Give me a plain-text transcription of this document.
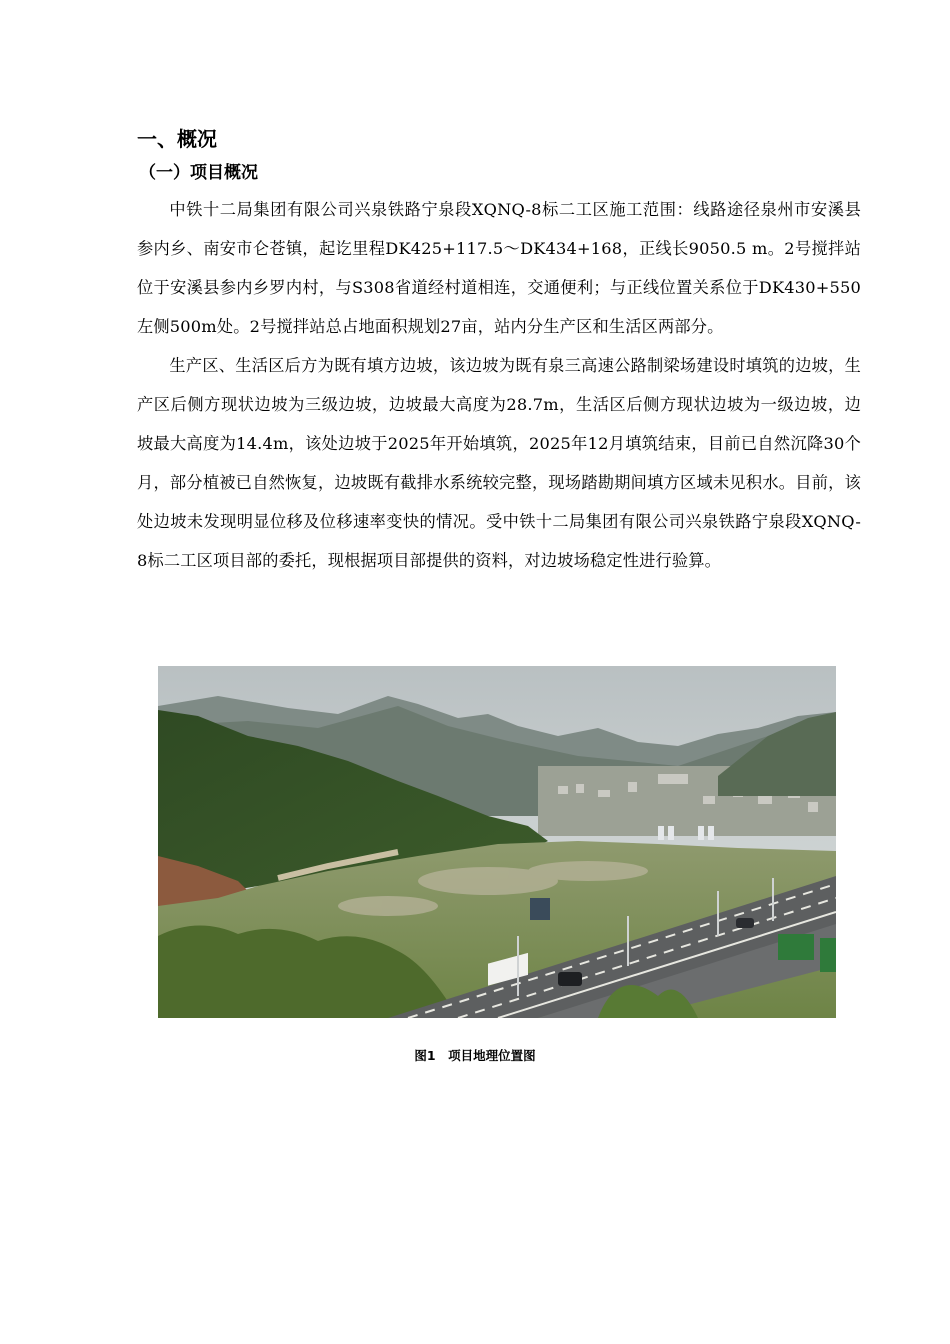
一、概况
（一）项目概况

中铁十二局集团有限公司兴泉铁路宁泉段XQNQ-8标二工区施工范围：线路途径泉州市安溪县参内乡、南安市仑苍镇，起讫里程DK425+117.5～DK434+168，正线长9050.5 m。2号搅拌站位于安溪县参内乡罗内村，与S308省道经村道相连，交通便利；与正线位置关系位于DK430+550左侧500m处。2号搅拌站总占地面积规划27亩，站内分生产区和生活区两部分。

生产区、生活区后方为既有填方边坡，该边坡为既有泉三高速公路制梁场建设时填筑的边坡，生产区后侧方现状边坡为三级边坡，边坡最大高度为28.7m，生活区后侧方现状边坡为一级边坡，边坡最大高度为14.4m，该处边坡于2025年开始填筑，2025年12月填筑结束，目前已自然沉降30个月，部分植被已自然恢复，边坡既有截排水系统较完整，现场踏勘期间填方区域未见积水。目前，该处边坡未发现明显位移及位移速率变快的情况。受中铁十二局集团有限公司兴泉铁路宁泉段XQNQ-8标二工区项目部的委托，现根据项目部提供的资料，对边坡场稳定性进行验算。

图1　项目地理位置图
